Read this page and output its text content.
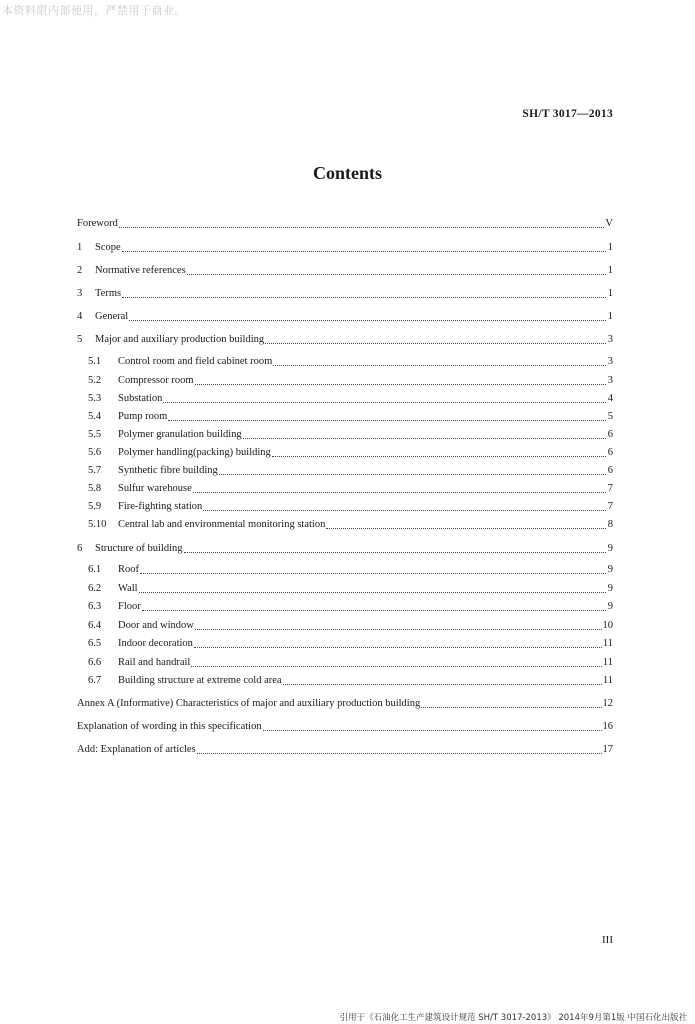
本资料限内部使用，严禁用于商业。
SH/T 3017—2013
Contents
Foreword	V
1	Scope	1
2	Normative references	1
3	Terms	1
4	General	1
5	Major and auxiliary production building	3
5.1	Control room and field cabinet room	3
5.2	Compressor room	3
5.3	Substation	4
5.4	Pump room	5
5.5	Polymer granulation building	6
5.6	Polymer handling(packing) building	6
5.7	Synthetic fibre building	6
5.8	Sulfur warehouse	7
5.9	Fire-fighting station	7
5.10	Central lab and environmental monitoring station	8
6	Structure of building	9
6.1	Roof	9
6.2	Wall	9
6.3	Floor	9
6.4	Door and window	10
6.5	Indoor decoration	11
6.6	Rail and handrail	11
6.7	Building structure at extreme cold area	11
Annex A (Informative) Characteristics of major and auxiliary production building	12
Explanation of wording in this specification	16
Add: Explanation of articles	17
III
引用于《石油化工生产建筑设计规范 SH/T 3017-2013》 2014年9月第1版 中国石化出版社
